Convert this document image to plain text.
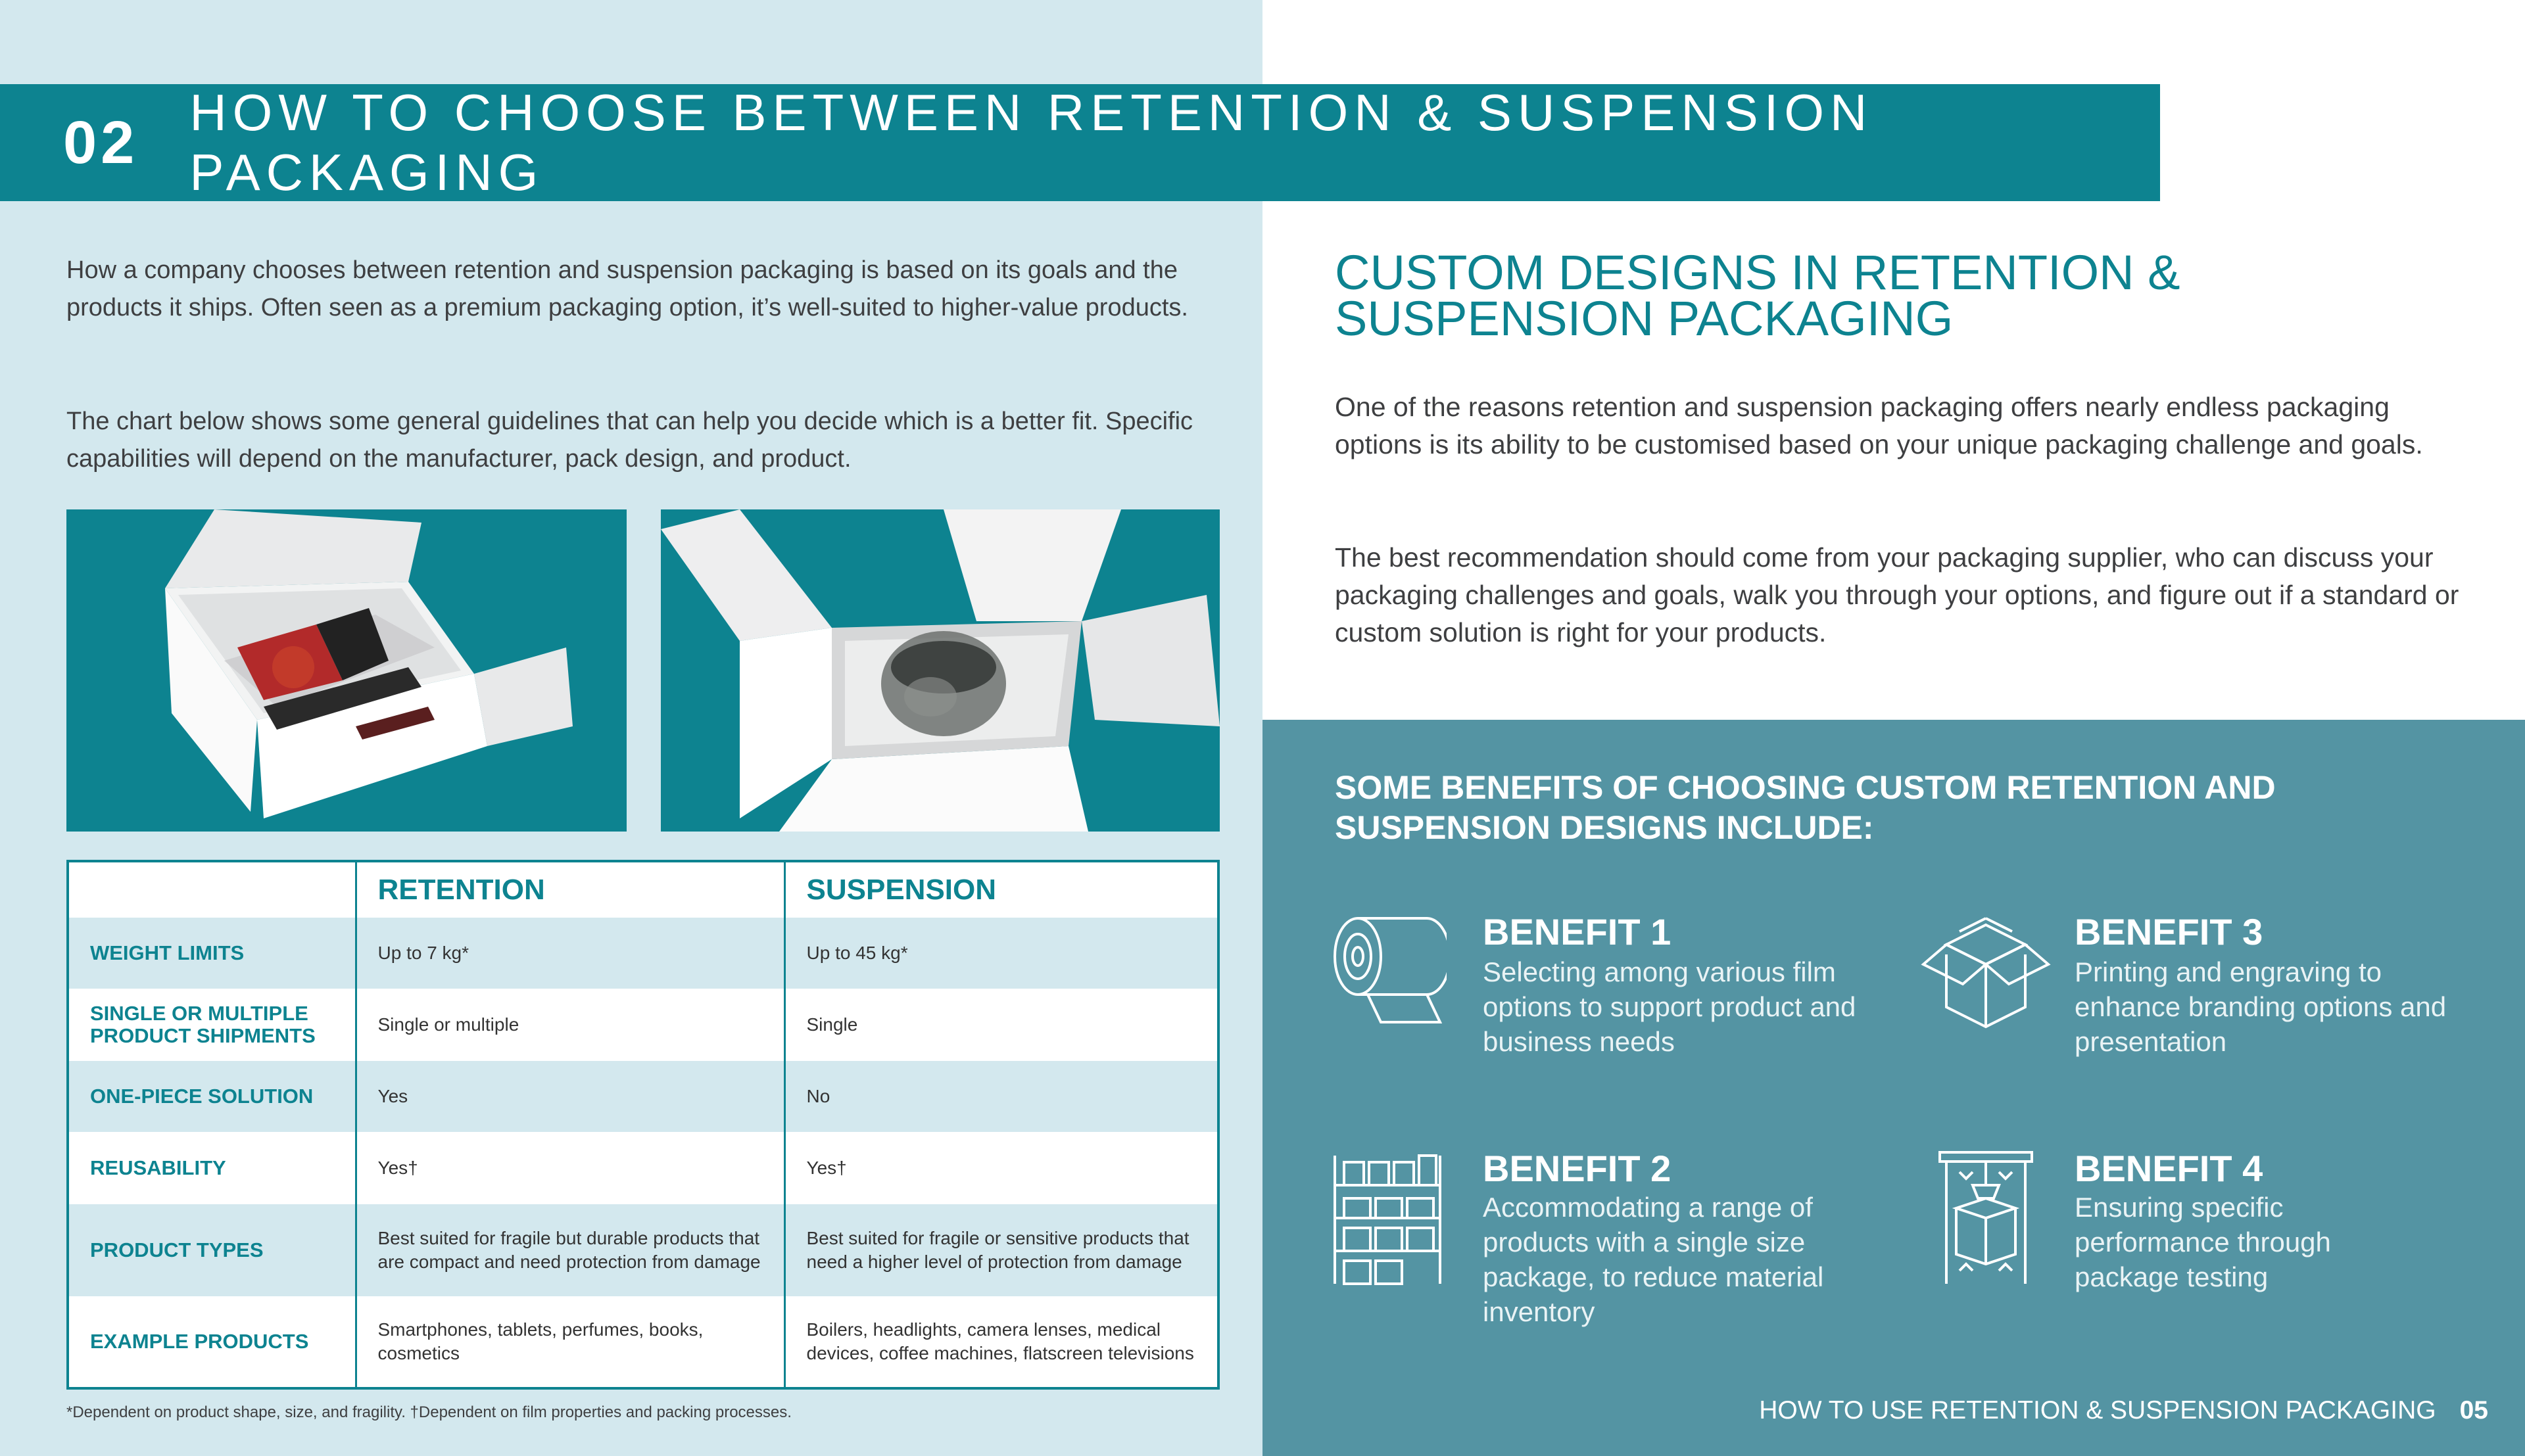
02 HOW TO CHOOSE BETWEEN RETENTION & SUSPENSION PACKAGING

How a company chooses between retention and suspension packaging is based on its goals and the products it ships. Often seen as a premium packaging option, it’s well-suited to higher-value products.

The chart below shows some general guidelines that can help you decide which is a better fit. Specific capabilities will depend on the manufacturer, pack design, and product.

	RETENTION	SUSPENSION
WEIGHT LIMITS	Up to 7 kg*	Up to 45 kg*
SINGLE OR MULTIPLE PRODUCT SHIPMENTS	Single or multiple	Single
ONE-PIECE SOLUTION	Yes	No
REUSABILITY	Yes†	Yes†
PRODUCT TYPES	Best suited for fragile but durable products that are compact and need protection from damage	Best suited for fragile or sensitive products that need a higher level of protection from damage
EXAMPLE PRODUCTS	Smartphones, tablets, perfumes, books, cosmetics	Boilers, headlights, camera lenses, medical devices, coffee machines, flatscreen televisions
*Dependent on product shape, size, and fragility. †Dependent on film properties and packing processes.
CUSTOM DESIGNS IN RETENTION & SUSPENSION PACKAGING

One of the reasons retention and suspension packaging offers nearly endless packaging options is its ability to be customised based on your unique packaging challenge and goals.

The best recommendation should come from your packaging supplier, who can discuss your packaging challenges and goals, walk you through your options, and figure out if a standard or custom solution is right for your products.

SOME BENEFITS OF CHOOSING CUSTOM RETENTION AND SUSPENSION DESIGNS INCLUDE:
BENEFIT 1
Selecting among various film options to support product and business needs
BENEFIT 3
Printing and engraving to enhance branding options and presentation
BENEFIT 2
Accommodating a range of products with a single size package, to reduce material inventory
BENEFIT 4
Ensuring specific performance through package testing
HOW TO USE RETENTION & SUSPENSION PACKAGING 05
